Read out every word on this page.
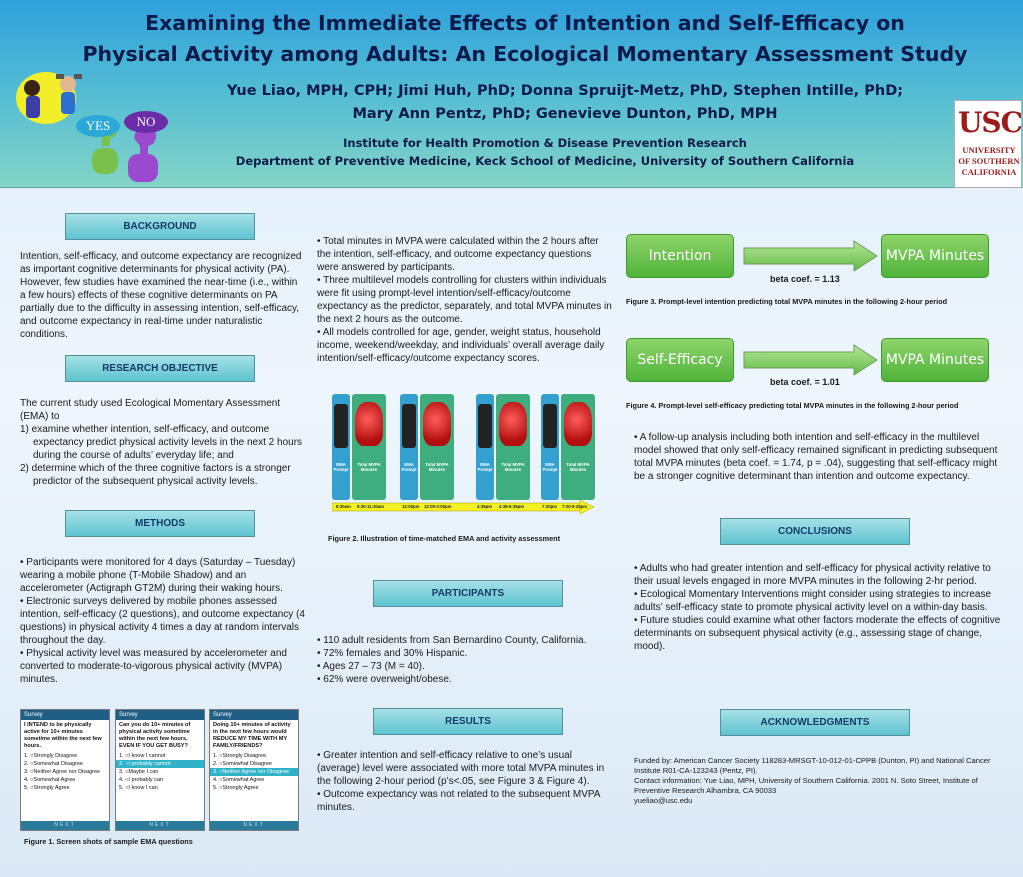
YES NO
Examining the Immediate Effects of Intention and Self-Efficacy on
Physical Activity among Adults: An Ecological Momentary Assessment Study
Yue Liao, MPH, CPH; Jimi Huh, PhD; Donna Spruijt-Metz, PhD, Stephen Intille, PhD;
Mary Ann Pentz, PhD; Genevieve Dunton, PhD, MPH
Institute for Health Promotion & Disease Prevention Research
Department of Preventive Medicine, Keck School of Medicine, University of Southern California
USC
UNIVERSITY
OF SOUTHERN
CALIFORNIA
BACKGROUND
Intention, self-efficacy, and outcome expectancy are recognized as important cognitive determinants for physical activity (PA). However, few studies have examined the near-time (i.e., within a few hours) effects of these cognitive determinants on PA partially due to the difficulty in assessing intention, self-efficacy, and outcome expectancy in real-time under naturalistic conditions.
RESEARCH OBJECTIVE

The current study used Ecological Momentary Assessment (EMA) to

1) examine whether intention, self-efficacy, and outcome expectancy predict physical activity levels in the next 2 hours during the course of adults’ everyday life; and

2) determine which of the three cognitive factors is a stronger predictor of the subsequent physical activity levels.

METHODS

• Participants were monitored for 4 days (Saturday – Tuesday) wearing a mobile phone (T-Mobile Shadow) and an accelerometer (Actigraph GT2M) during their waking hours.

• Electronic surveys delivered by mobile phones assessed intention, self-efficacy (2 questions), and outcome expectancy (4 questions) in physical activity 4 times a day at random intervals throughout the day.

• Physical activity level was measured by accelerometer and converted to moderate-to-vigorous physical activity (MVPA) minutes.

Survey
I INTEND to be physically active for 10+ minutes sometime within the next few hours.
1. ○Strongly Disagree
2. ○Somewhat Disagree
3. ○Neither Agree nor Disagree
4. ○Somewhat Agree
5. ○Strongly Agree
NEXT
Survey
Can you do 10+ minutes of physical activity sometime within the next few hours, EVEN IF YOU GET BUSY?
1. ○I know I cannot
2. ○I probably cannot
3. ○Maybe I can
4. ○I probably can
5. ○I know I can
NEXT
Survey
Doing 10+ minutes of activity in the next few hours would REDUCE MY TIME WITH MY FAMILY/FRIENDS?
1. ○Strongly Disagree
2. ○Somewhat Disagree
3. ○Neither Agree nor Disagree
4. ○Somewhat Agree
5. ○Strongly Agree
NEXT
Figure 1. Screen shots of sample EMA questions

• Total minutes in MVPA were calculated within the 2 hours after the intention, self-efficacy, and outcome expectancy questions were answered by participants.

• Three multilevel models controlling for clusters within individuals were fit using prompt-level intention/self-efficacy/outcome expectancy as the predictor, separately, and total MVPA minutes in the next 2 hours as the outcome.

• All models controlled for age, gender, weight status, household income, weekend/weekday, and individuals’ overall average daily intention/self-efficacy/outcome expectancy scores.

EMA Prompt
Total MVPA Minutes
EMA Prompt
Total MVPA Minutes
EMA Prompt
Total MVPA Minutes
EMA Prompt
Total MVPA Minutes
9:30am 9:30-11:30am	12:00pm 12:00-2:00pm	4:35pm 4:35-6:35pm	7:20pm 7:20-9:20pm
Figure 2. Illustration of time-matched EMA and activity assessment
PARTICIPANTS

• 110 adult residents from San Bernardino County, California.

• 72% females and 30% Hispanic.

• Ages 27 – 73 (M = 40).

• 62% were overweight/obese.

RESULTS

• Greater intention and self-efficacy relative to one’s usual (average) level were associated with more total MVPA minutes in the following 2-hour period (p’s<.05, see Figure 3 & Figure 4).

• Outcome expectancy was not related to the subsequent MVPA minutes.

Intention	MVPA Minutes
beta coef. = 1.13
Figure 3. Prompt-level intention predicting total MVPA minutes in the following 2-hour period
Self-Efficacy	MVPA Minutes
beta coef. = 1.01
Figure 4. Prompt-level self-efficacy predicting total MVPA minutes in the following 2-hour period

• A follow-up analysis including both intention and self-efficacy in the multilevel model showed that only self-efficacy remained significant in predicting subsequent total MVPA minutes (beta coef. = 1.74, p = .04), suggesting that self-efficacy might be a stronger cognitive determinant than intention and outcome expectancy.

CONCLUSIONS

• Adults who had greater intention and self-efficacy for physical activity relative to their usual levels engaged in more MVPA minutes in the following 2-hr period.

• Ecological Momentary Interventions might consider using strategies to increase adults’ self-efficacy state to promote physical activity level on a within-day basis.

• Future studies could examine what other factors moderate the effects of cognitive determinants on subsequent physical activity (e.g., assessing stage of change, mood).

ACKNOWLEDGMENTS

Funded by: American Cancer Society 118283-MRSGT-10-012-01-CPPB (Dunton, PI) and National Cancer Institute R01-CA-123243 (Pentz, PI).

Contact information: Yue Liao, MPH, University of Southern California. 2001 N. Soto Street, Institute of Preventive Research Alhambra, CA 90033

yueliao@usc.edu
